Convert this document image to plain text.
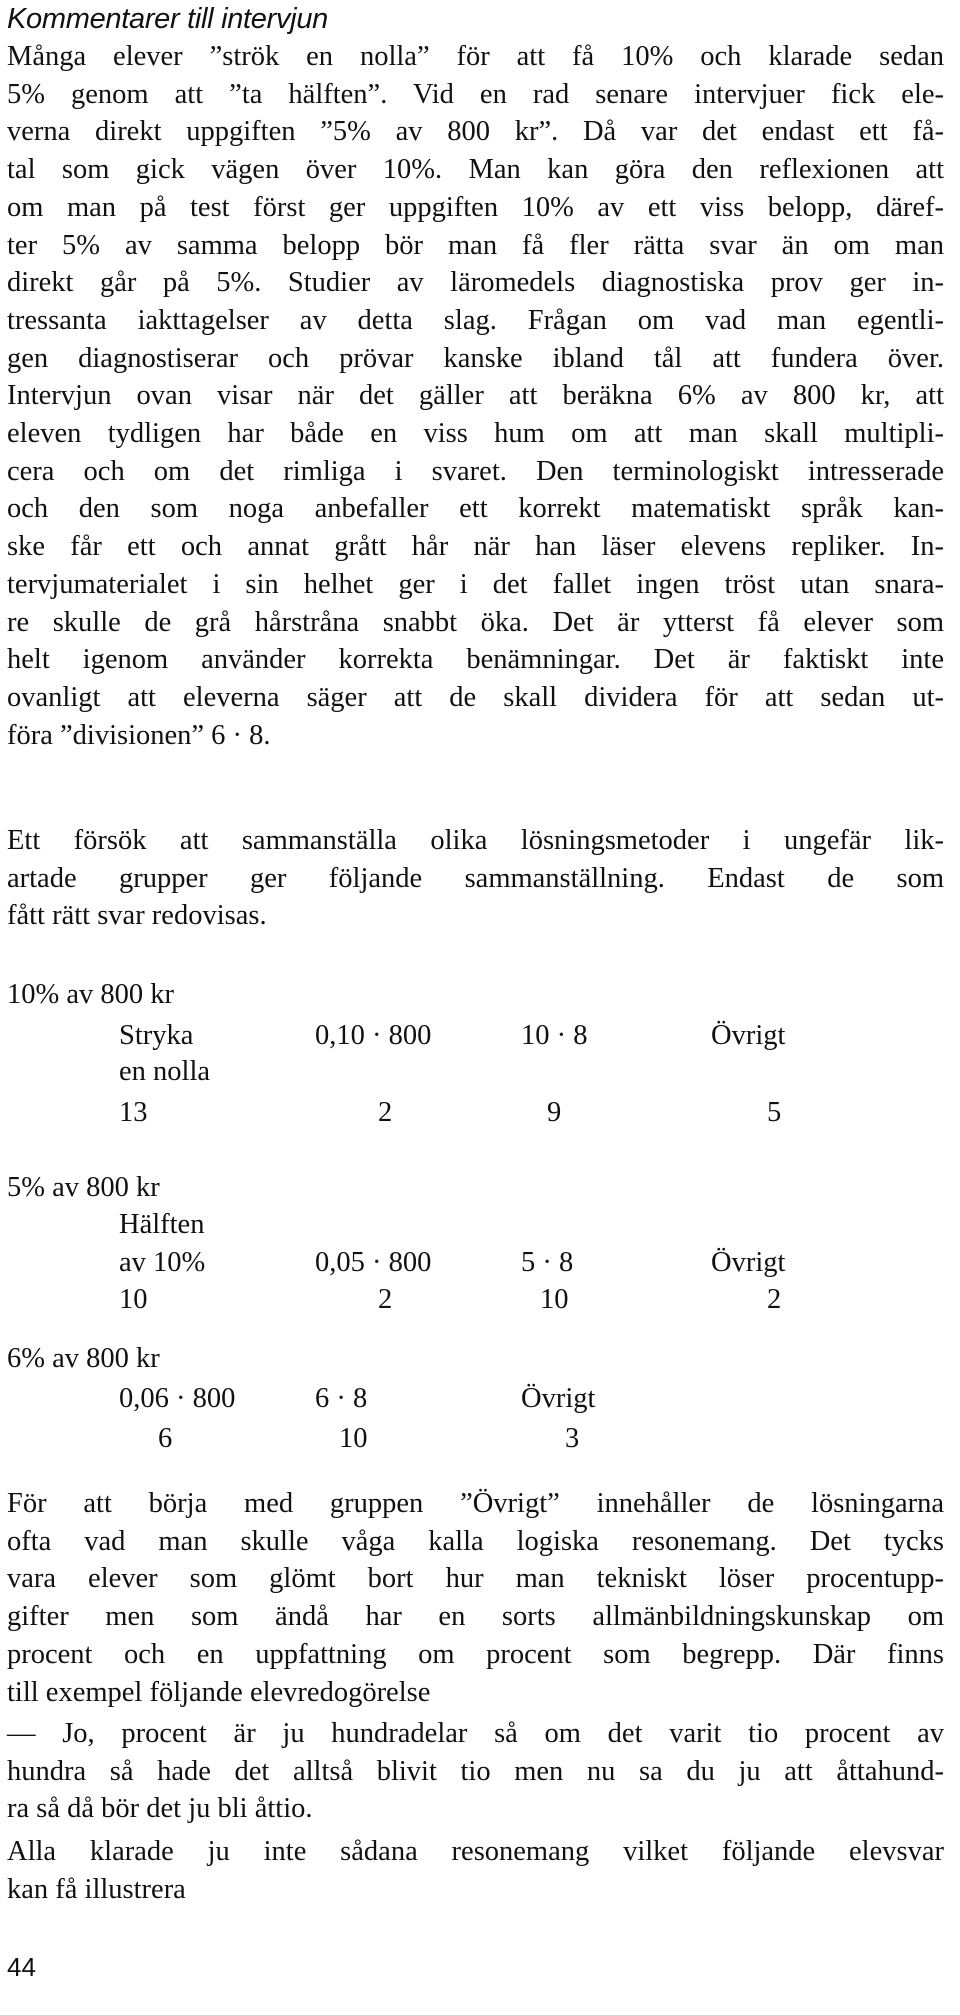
Kommentarer till intervjun
Många elever ”strök en nolla” för att få 10% och klarade sedan
5% genom att ”ta hälften”. Vid en rad senare intervjuer fick ele-
verna direkt uppgiften ”5% av 800 kr”. Då var det endast ett få-
tal som gick vägen över 10%. Man kan göra den reflexionen att
om man på test först ger uppgiften 10% av ett viss belopp, däref-
ter 5% av samma belopp bör man få fler rätta svar än om man
direkt går på 5%. Studier av läromedels diagnostiska prov ger in-
tressanta iakttagelser av detta slag. Frågan om vad man egentli-
gen diagnostiserar och prövar kanske ibland tål att fundera över.
Intervjun ovan visar när det gäller att beräkna 6% av 800 kr, att
eleven tydligen har både en viss hum om att man skall multipli-
cera och om det rimliga i svaret. Den terminologiskt intresserade
och den som noga anbefaller ett korrekt matematiskt språk kan-
ske får ett och annat grått hår när han läser elevens repliker. In-
tervjumaterialet i sin helhet ger i det fallet ingen tröst utan snara-
re skulle de grå hårstråna snabbt öka. Det är ytterst få elever som
helt igenom använder korrekta benämningar. Det är faktiskt inte
ovanligt att eleverna säger att de skall dividera för att sedan ut-
föra ”divisionen” 6 · 8.
Ett försök att sammanställa olika lösningsmetoder i ungefär lik-
artade grupper ger följande sammanställning. Endast de som
fått rätt svar redovisas.
10% av 800 kr
Stryka
en nolla
0,10 · 800	10 · 8	Övrigt
13	2	9	5
5% av 800 kr
Hälften
av 10%	0,05 · 800	5 · 8	Övrigt
10	2	10	2
6% av 800 kr
0,06 · 800	6 · 8	Övrigt
6	10	3
För att börja med gruppen ”Övrigt” innehåller de lösningarna
ofta vad man skulle våga kalla logiska resonemang. Det tycks
vara elever som glömt bort hur man tekniskt löser procentupp-
gifter men som ändå har en sorts allmänbildningskunskap om
procent och en uppfattning om procent som begrepp. Där finns
till exempel följande elevredogörelse
— Jo, procent är ju hundradelar så om det varit tio procent av
hundra så hade det alltså blivit tio men nu sa du ju att åttahund-
ra så då bör det ju bli åttio.
Alla klarade ju inte sådana resonemang vilket följande elevsvar
kan få illustrera
44
